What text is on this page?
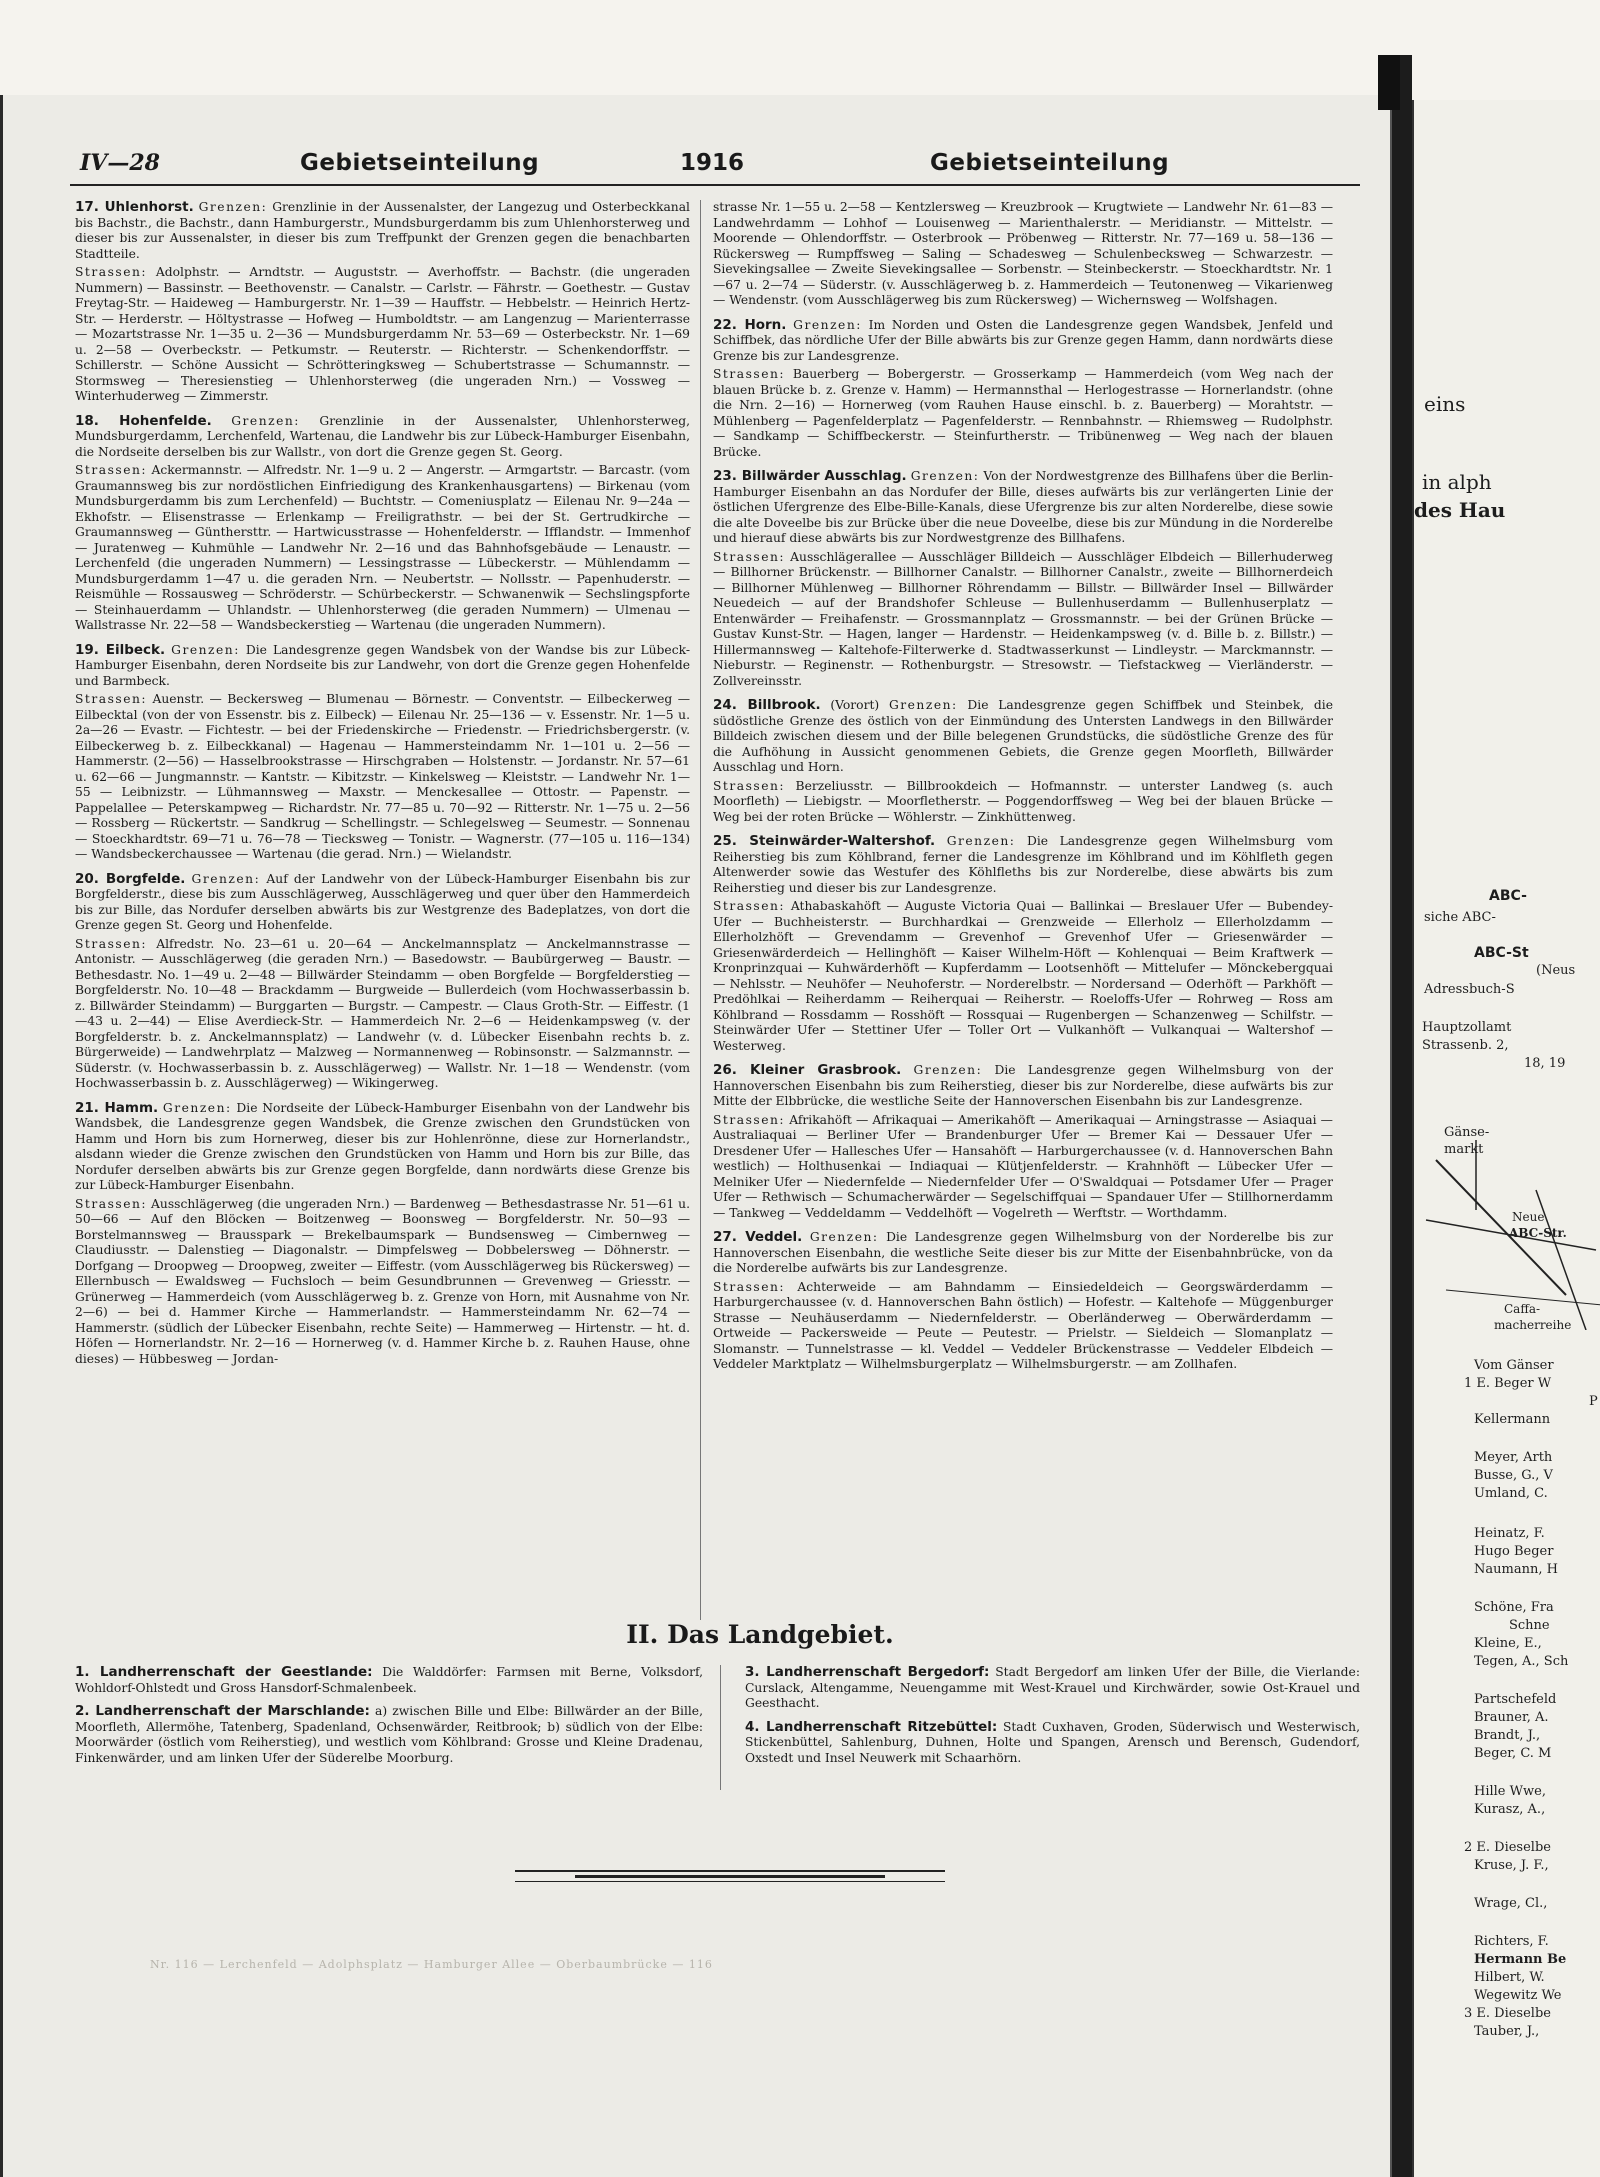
IV—28	Gebietseinteilung	1916	Gebietseinteilung

17. Uhlenhorst. Grenzen: Grenzlinie in der Aussenalster, der Langezug und Osterbeckkanal bis Bachstr., die Bachstr., dann Hamburgerstr., Mundsburgerdamm bis zum Uhlenhorsterweg und dieser bis zur Aussenalster, in dieser bis zum Treffpunkt der Grenzen gegen die benachbarten Stadtteile.

Strassen: Adolphstr. — Arndtstr. — Auguststr. — Averhoffstr. — Bachstr. (die ungeraden Nummern) — Bassinstr. — Beethovenstr. — Canalstr. — Carlstr. — Fährstr. — Goethestr. — Gustav Freytag-Str. — Haideweg — Hamburgerstr. Nr. 1—39 — Hauffstr. — Hebbelstr. — Heinrich Hertz-Str. — Herderstr. — Höltystrasse — Hofweg — Humboldtstr. — am Langenzug — Marienterrasse — Mozartstrasse Nr. 1—35 u. 2—36 — Mundsburgerdamm Nr. 53—69 — Osterbeckstr. Nr. 1—69 u. 2—58 — Overbeckstr. — Petkumstr. — Reuterstr. — Richterstr. — Schenkendorffstr. — Schillerstr. — Schöne Aussicht — Schrötteringksweg — Schubertstrasse — Schumannstr. — Stormsweg — Theresienstieg — Uhlenhorsterweg (die ungeraden Nrn.) — Vossweg — Winterhuderweg — Zimmerstr.

18. Hohenfelde. Grenzen: Grenzlinie in der Aussenalster, Uhlenhorsterweg, Mundsburgerdamm, Lerchenfeld, Wartenau, die Landwehr bis zur Lübeck-Hamburger Eisenbahn, die Nordseite derselben bis zur Wallstr., von dort die Grenze gegen St. Georg.

Strassen: Ackermannstr. — Alfredstr. Nr. 1—9 u. 2 — Angerstr. — Armgartstr. — Barcastr. (vom Graumannsweg bis zur nordöstlichen Einfriedigung des Krankenhausgartens) — Birkenau (vom Mundsburgerdamm bis zum Lerchenfeld) — Buchtstr. — Comeniusplatz — Eilenau Nr. 9—24a — Ekhofstr. — Elisenstrasse — Erlenkamp — Freiligrathstr. — bei der St. Gertrudkirche — Graumannsweg — Günthersttr. — Hartwicusstrasse — Hohenfelderstr. — Ifflandstr. — Immenhof — Juratenweg — Kuhmühle — Landwehr Nr. 2—16 und das Bahnhofsgebäude — Lenaustr. — Lerchenfeld (die ungeraden Nummern) — Lessingstrasse — Lübeckerstr. — Mühlendamm — Mundsburgerdamm 1—47 u. die geraden Nrn. — Neubertstr. — Nollsstr. — Papenhuderstr. — Reismühle — Rossausweg — Schröderstr. — Schürbeckerstr. — Schwanenwik — Sechslingspforte — Steinhauerdamm — Uhlandstr. — Uhlenhorsterweg (die geraden Nummern) — Ulmenau — Wallstrasse Nr. 22—58 — Wandsbeckerstieg — Wartenau (die ungeraden Nummern).

19. Eilbeck. Grenzen: Die Landesgrenze gegen Wandsbek von der Wandse bis zur Lübeck-Hamburger Eisenbahn, deren Nordseite bis zur Landwehr, von dort die Grenze gegen Hohenfelde und Barmbeck.

Strassen: Auenstr. — Beckersweg — Blumenau — Börnestr. — Conventstr. — Eilbeckerweg — Eilbecktal (von der von Essenstr. bis z. Eilbeck) — Eilenau Nr. 25—136 — v. Essenstr. Nr. 1—5 u. 2a—26 — Evastr. — Fichtestr. — bei der Friedenskirche — Friedenstr. — Friedrichsbergerstr. (v. Eilbeckerweg b. z. Eilbeckkanal) — Hagenau — Hammersteindamm Nr. 1—101 u. 2—56 — Hammerstr. (2—56) — Hasselbrookstrasse — Hirschgraben — Holstenstr. — Jordanstr. Nr. 57—61 u. 62—66 — Jungmannstr. — Kantstr. — Kibitzstr. — Kinkelsweg — Kleiststr. — Landwehr Nr. 1—55 — Leibnizstr. — Lühmannsweg — Maxstr. — Menckesallee — Ottostr. — Papenstr. — Pappelallee — Peterskampweg — Richardstr. Nr. 77—85 u. 70—92 — Ritterstr. Nr. 1—75 u. 2—56 — Rossberg — Rückertstr. — Sandkrug — Schellingstr. — Schlegelsweg — Seumestr. — Sonnenau — Stoeckhardtstr. 69—71 u. 76—78 — Tiecksweg — Tonistr. — Wagnerstr. (77—105 u. 116—134) — Wandsbeckerchaussee — Wartenau (die gerad. Nrn.) — Wielandstr.

20. Borgfelde. Grenzen: Auf der Landwehr von der Lübeck-Hamburger Eisenbahn bis zur Borgfelderstr., diese bis zum Ausschlägerweg, Ausschlägerweg und quer über den Hammerdeich bis zur Bille, das Nordufer derselben abwärts bis zur Westgrenze des Badeplatzes, von dort die Grenze gegen St. Georg und Hohenfelde.

Strassen: Alfredstr. No. 23—61 u. 20—64 — Anckelmannsplatz — Anckelmannstrasse — Antonistr. — Ausschlägerweg (die geraden Nrn.) — Basedowstr. — Baubürgerweg — Baustr. — Bethesdastr. No. 1—49 u. 2—48 — Billwärder Steindamm — oben Borgfelde — Borgfelderstieg — Borgfelderstr. No. 10—48 — Brackdamm — Burgweide — Bullerdeich (vom Hochwasserbassin b. z. Billwärder Steindamm) — Burggarten — Burgstr. — Campestr. — Claus Groth-Str. — Eiffestr. (1—43 u. 2—44) — Elise Averdieck-Str. — Hammerdeich Nr. 2—6 — Heidenkampsweg (v. der Borgfelderstr. b. z. Anckelmannsplatz) — Landwehr (v. d. Lübecker Eisenbahn rechts b. z. Bürgerweide) — Landwehrplatz — Malzweg — Normannenweg — Robinsonstr. — Salzmannstr. — Süderstr. (v. Hochwasserbassin b. z. Ausschlägerweg) — Wallstr. Nr. 1—18 — Wendenstr. (vom Hochwasserbassin b. z. Ausschlägerweg) — Wikingerweg.

21. Hamm. Grenzen: Die Nordseite der Lübeck-Hamburger Eisenbahn von der Landwehr bis Wandsbek, die Landesgrenze gegen Wandsbek, die Grenze zwischen den Grundstücken von Hamm und Horn bis zum Hornerweg, dieser bis zur Hohlenrönne, diese zur Hornerlandstr., alsdann wieder die Grenze zwischen den Grundstücken von Hamm und Horn bis zur Bille, das Nordufer derselben abwärts bis zur Grenze gegen Borgfelde, dann nordwärts diese Grenze bis zur Lübeck-Hamburger Eisenbahn.

Strassen: Ausschlägerweg (die ungeraden Nrn.) — Bardenweg — Bethesdastrasse Nr. 51—61 u. 50—66 — Auf den Blöcken — Boitzenweg — Boonsweg — Borgfelderstr. Nr. 50—93 — Borstelmannsweg — Brausspark — Brekelbaumspark — Bundsensweg — Cimbernweg — Claudiusstr. — Dalenstieg — Diagonalstr. — Dimpfelsweg — Dobbelersweg — Döhnerstr. — Dorfgang — Droopweg — Droopweg, zweiter — Eiffestr. (vom Ausschlägerweg bis Rückersweg) — Ellernbusch — Ewaldsweg — Fuchsloch — beim Gesundbrunnen — Grevenweg — Griesstr. — Grünerweg — Hammerdeich (vom Ausschlägerweg b. z. Grenze von Horn, mit Ausnahme von Nr. 2—6) — bei d. Hammer Kirche — Hammerlandstr. — Hammersteindamm Nr. 62—74 — Hammerstr. (südlich der Lübecker Eisenbahn, rechte Seite) — Hammerweg — Hirtenstr. — ht. d. Höfen — Hornerlandstr. Nr. 2—16 — Hornerweg (v. d. Hammer Kirche b. z. Rauhen Hause, ohne dieses) — Hübbesweg — Jordan-

strasse Nr. 1—55 u. 2—58 — Kentzlersweg — Kreuzbrook — Krugtwiete — Landwehr Nr. 61—83 — Landwehrdamm — Lohhof — Louisenweg — Marienthalerstr. — Meridianstr. — Mittelstr. — Moorende — Ohlendorffstr. — Osterbrook — Pröbenweg — Ritterstr. Nr. 77—169 u. 58—136 — Rückersweg — Rumpffsweg — Saling — Schadesweg — Schulenbecksweg — Schwarzestr. — Sievekingsallee — Zweite Sievekingsallee — Sorbenstr. — Steinbeckerstr. — Stoeckhardtstr. Nr. 1—67 u. 2—74 — Süderstr. (v. Ausschlägerweg b. z. Hammerdeich — Teutonenweg — Vikarienweg — Wendenstr. (vom Ausschlägerweg bis zum Rückersweg) — Wichernsweg — Wolfshagen.

22. Horn. Grenzen: Im Norden und Osten die Landesgrenze gegen Wandsbek, Jenfeld und Schiffbek, das nördliche Ufer der Bille abwärts bis zur Grenze gegen Hamm, dann nordwärts diese Grenze bis zur Landesgrenze.

Strassen: Bauerberg — Bobergerstr. — Grosserkamp — Hammerdeich (vom Weg nach der blauen Brücke b. z. Grenze v. Hamm) — Hermannsthal — Herlogestrasse — Hornerlandstr. (ohne die Nrn. 2—16) — Hornerweg (vom Rauhen Hause einschl. b. z. Bauerberg) — Morahtstr. — Mühlenberg — Pagenfelderplatz — Pagenfelderstr. — Rennbahnstr. — Rhiemsweg — Rudolphstr. — Sandkamp — Schiffbeckerstr. — Steinfurtherstr. — Tribünenweg — Weg nach der blauen Brücke.

23. Billwärder Ausschlag. Grenzen: Von der Nordwestgrenze des Billhafens über die Berlin-Hamburger Eisenbahn an das Nordufer der Bille, dieses aufwärts bis zur verlängerten Linie der östlichen Ufergrenze des Elbe-Bille-Kanals, diese Ufergrenze bis zur alten Norderelbe, diese sowie die alte Doveelbe bis zur Brücke über die neue Doveelbe, diese bis zur Mündung in die Norderelbe und hierauf diese abwärts bis zur Nordwestgrenze des Billhafens.

Strassen: Ausschlägerallee — Ausschläger Billdeich — Ausschläger Elbdeich — Billerhuderweg — Billhorner Brückenstr. — Billhorner Canalstr. — Billhorner Canalstr., zweite — Billhornerdeich — Billhorner Mühlenweg — Billhorner Röhrendamm — Billstr. — Billwärder Insel — Billwärder Neuedeich — auf der Brandshofer Schleuse — Bullenhuserdamm — Bullenhuserplatz — Entenwärder — Freihafenstr. — Grossmannplatz — Grossmannstr. — bei der Grünen Brücke — Gustav Kunst-Str. — Hagen, langer — Hardenstr. — Heidenkampsweg (v. d. Bille b. z. Billstr.) — Hillermannsweg — Kaltehofe-Filterwerke d. Stadtwasserkunst — Lindleystr. — Marckmannstr. — Nieburstr. — Reginenstr. — Rothenburgstr. — Stresowstr. — Tiefstackweg — Vierländerstr. — Zollvereinsstr.

24. Billbrook. (Vorort) Grenzen: Die Landesgrenze gegen Schiffbek und Steinbek, die südöstliche Grenze des östlich von der Einmündung des Untersten Landwegs in den Billwärder Billdeich zwischen diesem und der Bille belegenen Grundstücks, die südöstliche Grenze des für die Aufhöhung in Aussicht genommenen Gebiets, die Grenze gegen Moorfleth, Billwärder Ausschlag und Horn.

Strassen: Berzeliusstr. — Billbrookdeich — Hofmannstr. — unterster Landweg (s. auch Moorfleth) — Liebigstr. — Moorfletherstr. — Poggendorffsweg — Weg bei der blauen Brücke — Weg bei der roten Brücke — Wöhlerstr. — Zinkhüttenweg.

25. Steinwärder-Waltershof. Grenzen: Die Landesgrenze gegen Wilhelmsburg vom Reiherstieg bis zum Köhlbrand, ferner die Landesgrenze im Köhlbrand und im Köhlfleth gegen Altenwerder sowie das Westufer des Köhlfleths bis zur Norderelbe, diese abwärts bis zum Reiherstieg und dieser bis zur Landesgrenze.

Strassen: Athabaskahöft — Auguste Victoria Quai — Ballinkai — Breslauer Ufer — Bubendey-Ufer — Buchheisterstr. — Burchhardkai — Grenzweide — Ellerholz — Ellerholzdamm — Ellerholzhöft — Grevendamm — Grevenhof — Grevenhof Ufer — Griesenwärder — Griesenwärderdeich — Hellinghöft — Kaiser Wilhelm-Höft — Kohlenquai — Beim Kraftwerk — Kronprinzquai — Kuhwärderhöft — Kupferdamm — Lootsenhöft — Mittelufer — Mönckebergquai — Nehlsstr. — Neuhöfer — Neuhoferstr. — Norderelbstr. — Nordersand — Oderhöft — Parkhöft — Predöhlkai — Reiherdamm — Reiherquai — Reiherstr. — Roeloffs-Ufer — Rohrweg — Ross am Köhlbrand — Rossdamm — Rosshöft — Rossquai — Rugenbergen — Schanzenweg — Schilfstr. — Steinwärder Ufer — Stettiner Ufer — Toller Ort — Vulkanhöft — Vulkanquai — Waltershof — Westerweg.

26. Kleiner Grasbrook. Grenzen: Die Landesgrenze gegen Wilhelmsburg von der Hannoverschen Eisenbahn bis zum Reiherstieg, dieser bis zur Norderelbe, diese aufwärts bis zur Mitte der Elbbrücke, die westliche Seite der Hannoverschen Eisenbahn bis zur Landesgrenze.

Strassen: Afrikahöft — Afrikaquai — Amerikahöft — Amerikaquai — Arningstrasse — Asiaquai — Australiaquai — Berliner Ufer — Brandenburger Ufer — Bremer Kai — Dessauer Ufer — Dresdener Ufer — Hallesches Ufer — Hansahöft — Harburgerchaussee (v. d. Hannoverschen Bahn westlich) — Holthusenkai — Indiaquai — Klütjenfelderstr. — Krahnhöft — Lübecker Ufer — Melniker Ufer — Niedernfelde — Niedernfelder Ufer — O'Swaldquai — Potsdamer Ufer — Prager Ufer — Rethwisch — Schumacherwärder — Segelschiffquai — Spandauer Ufer — Stillhornerdamm — Tankweg — Veddeldamm — Veddelhöft — Vogelreth — Werftstr. — Worthdamm.

27. Veddel. Grenzen: Die Landesgrenze gegen Wilhelmsburg von der Norderelbe bis zur Hannoverschen Eisenbahn, die westliche Seite dieser bis zur Mitte der Eisenbahnbrücke, von da die Norderelbe aufwärts bis zur Landesgrenze.

Strassen: Achterweide — am Bahndamm — Einsiedeldeich — Georgswärderdamm — Harburgerchaussee (v. d. Hannoverschen Bahn östlich) — Hofestr. — Kaltehofe — Müggenburger Strasse — Neuhäuserdamm — Niedernfelderstr. — Oberländerweg — Oberwärderdamm — Ortweide — Packersweide — Peute — Peutestr. — Prielstr. — Sieldeich — Slomanplatz — Slomanstr. — Tunnelstrasse — kl. Veddel — Veddeler Brückenstrasse — Veddeler Elbdeich — Veddeler Marktplatz — Wilhelmsburgerplatz — Wilhelmsburgerstr. — am Zollhafen.

II. Das Landgebiet.

1. Landherrenschaft der Geestlande: Die Walddörfer: Farmsen mit Berne, Volksdorf, Wohldorf-Ohlstedt und Gross Hansdorf-Schmalenbeek.

2. Landherrenschaft der Marschlande: a) zwischen Bille und Elbe: Billwärder an der Bille, Moorfleth, Allermöhe, Tatenberg, Spadenland, Ochsenwärder, Reitbrook; b) südlich von der Elbe: Moorwärder (östlich vom Reiherstieg), und westlich vom Köhlbrand: Grosse und Kleine Dradenau, Finkenwärder, und am linken Ufer der Süderelbe Moorburg.

3. Landherrenschaft Bergedorf: Stadt Bergedorf am linken Ufer der Bille, die Vierlande: Curslack, Altengamme, Neuengamme mit West-Krauel und Kirchwärder, sowie Ost-Krauel und Geesthacht.

4. Landherrenschaft Ritzebüttel: Stadt Cuxhaven, Groden, Süderwisch und Westerwisch, Stickenbüttel, Sahlenburg, Duhnen, Holte und Spangen, Arensch und Berensch, Gudendorf, Oxstedt und Insel Neuwerk mit Schaarhörn.

Nr. 116 — Lerchenfeld — Adolphsplatz — Hamburger Allee — Oberbaumbrücke — 116
eins
in alph
des Hau
ABC-
siche ABC-
ABC-St
(Neus
Adressbuch-S
Hauptzollamt
Strassenb. 2,
18, 19
Gänse-
markt
Neue
ABC-Str.
Caffa-
macherreihe
Vom Gänser
1 E. Beger W
P
Kellermann
Meyer, Arth
Busse, G., V
Umland, C.
Heinatz, F.
Hugo Beger
Naumann, H
Schöne, Fra
Schne
Kleine, E.,
Tegen, A., Sch
Partschefeld
Brauner, A.
Brandt, J.,
Beger, C. M
Hille Wwe,
Kurasz, A.,
2 E. Dieselbe
Kruse, J. F.,
Wrage, Cl.,
Richters, F.
Hermann Be
Hilbert, W.
Wegewitz We
3 E. Dieselbe
Tauber, J.,
